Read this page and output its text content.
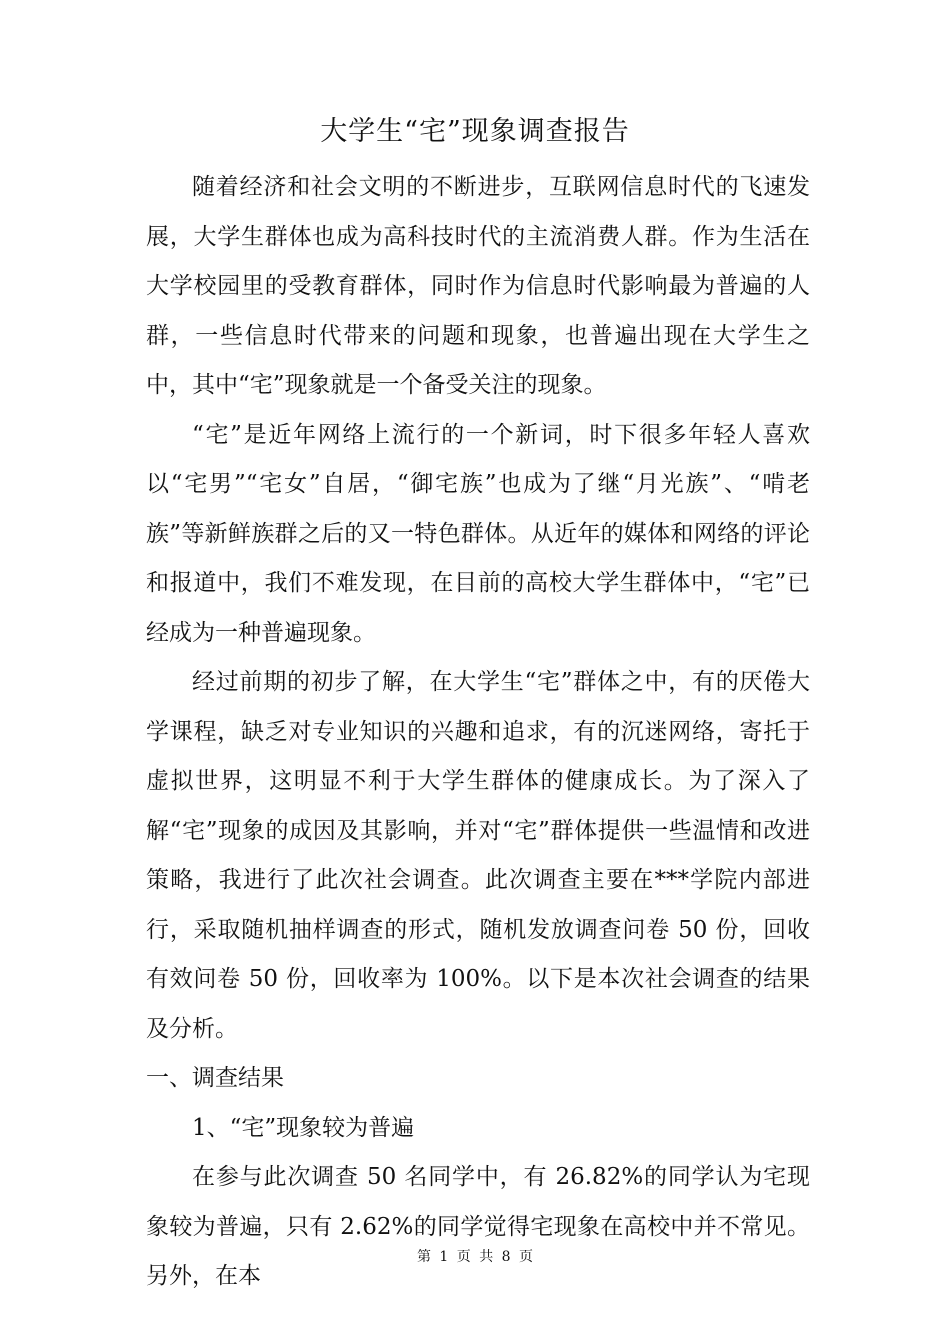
大学生“宅”现象调查报告

随着经济和社会文明的不断进步，互联网信息时代的飞速发展，大学生群体也成为高科技时代的主流消费人群。作为生活在大学校园里的受教育群体，同时作为信息时代影响最为普遍的人群，一些信息时代带来的问题和现象，也普遍出现在大学生之中，其中“宅”现象就是一个备受关注的现象。

“宅”是近年网络上流行的一个新词，时下很多年轻人喜欢以“宅男”“宅女”自居，“御宅族”也成为了继“月光族”、“啃老族”等新鲜族群之后的又一特色群体。从近年的媒体和网络的评论和报道中，我们不难发现，在目前的高校大学生群体中，“宅”已经成为一种普遍现象。

经过前期的初步了解，在大学生“宅”群体之中，有的厌倦大学课程，缺乏对专业知识的兴趣和追求，有的沉迷网络，寄托于虚拟世界，这明显不利于大学生群体的健康成长。为了深入了解“宅”现象的成因及其影响，并对“宅”群体提供一些温情和改进策略，我进行了此次社会调查。此次调查主要在***学院内部进行，采取随机抽样调查的形式，随机发放调查问卷 50 份，回收有效问卷 50 份，回收率为 100%。以下是本次社会调查的结果及分析。

一、调查结果

1、“宅”现象较为普遍

在参与此次调查 50 名同学中，有 26.82%的同学认为宅现象较为普遍，只有 2.62%的同学觉得宅现象在高校中并不常见。另外，在本

第 1 页 共 8 页
